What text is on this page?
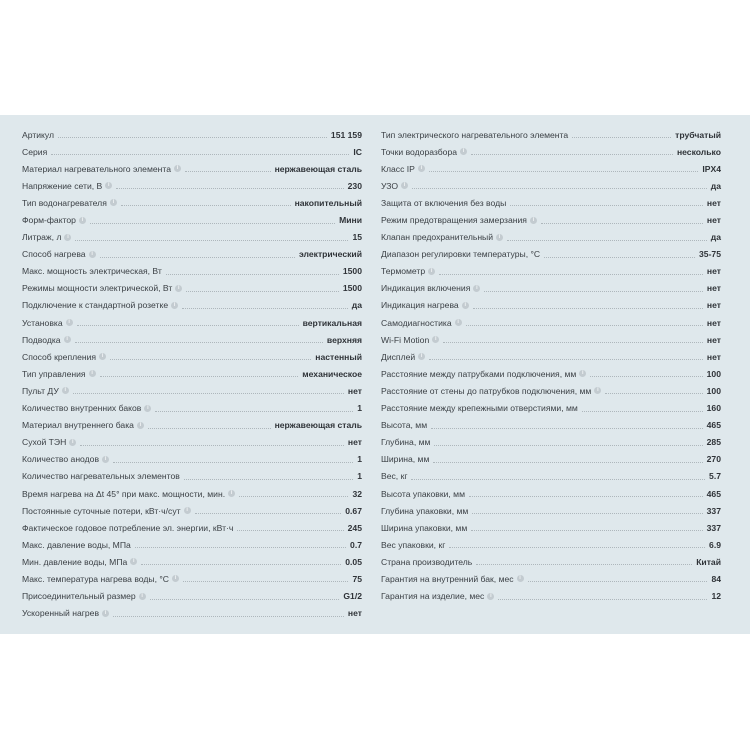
Артикул	151 159
Серия	IC
Материал нагревательного элемента	i	нержавеющая сталь
Напряжение сети, В	i	230
Тип водонагревателя	i	накопительный
Форм-фактор	i	Мини
Литраж, л	i	15
Способ нагрева	i	электрический
Макс. мощность электрическая, Вт	1500
Режимы мощности электрической, Вт	i	1500
Подключение к стандартной розетке	i	да
Установка	i	вертикальная
Подводка	i	верхняя
Способ крепления	i	настенный
Тип управления	i	механическое
Пульт ДУ	i	нет
Количество внутренних баков	i	1
Материал внутреннего бака	i	нержавеющая сталь
Сухой ТЭН	i	нет
Количество анодов	i	1
Количество нагревательных элементов	1
Время нагрева на Δt 45° при макс. мощности, мин.	i	32
Постоянные суточные потери, кВт·ч/сут	i	0.67
Фактическое годовое потребление эл. энергии, кВт·ч	245
Макс. давление воды, МПа	0.7
Мин. давление воды, МПа	i	0.05
Макс. температура нагрева воды, °С	i	75
Присоединительный размер	i	G1/2
Ускоренный нагрев	i	нет
Тип электрического нагревательного элемента	трубчатый
Точки водоразбора	i	несколько
Класс IP	i	IPX4
УЗО	i	да
Защита от включения без воды	нет
Режим предотвращения замерзания	i	нет
Клапан предохранительный	i	да
Диапазон регулировки температуры, °С	35-75
Термометр	i	нет
Индикация включения	i	нет
Индикация нагрева	i	нет
Самодиагностика	i	нет
Wi-Fi Motion	i	нет
Дисплей	i	нет
Расстояние между патрубками подключения, мм	i	100
Расстояние от стены до патрубков подключения, мм	i	100
Расстояние между крепежными отверстиями, мм	160
Высота, мм	465
Глубина, мм	285
Ширина, мм	270
Вес, кг	5.7
Высота упаковки, мм	465
Глубина упаковки, мм	337
Ширина упаковки, мм	337
Вес упаковки, кг	6.9
Страна производитель	Китай
Гарантия на внутренний бак, мес	i	84
Гарантия на изделие, мес	i	12
